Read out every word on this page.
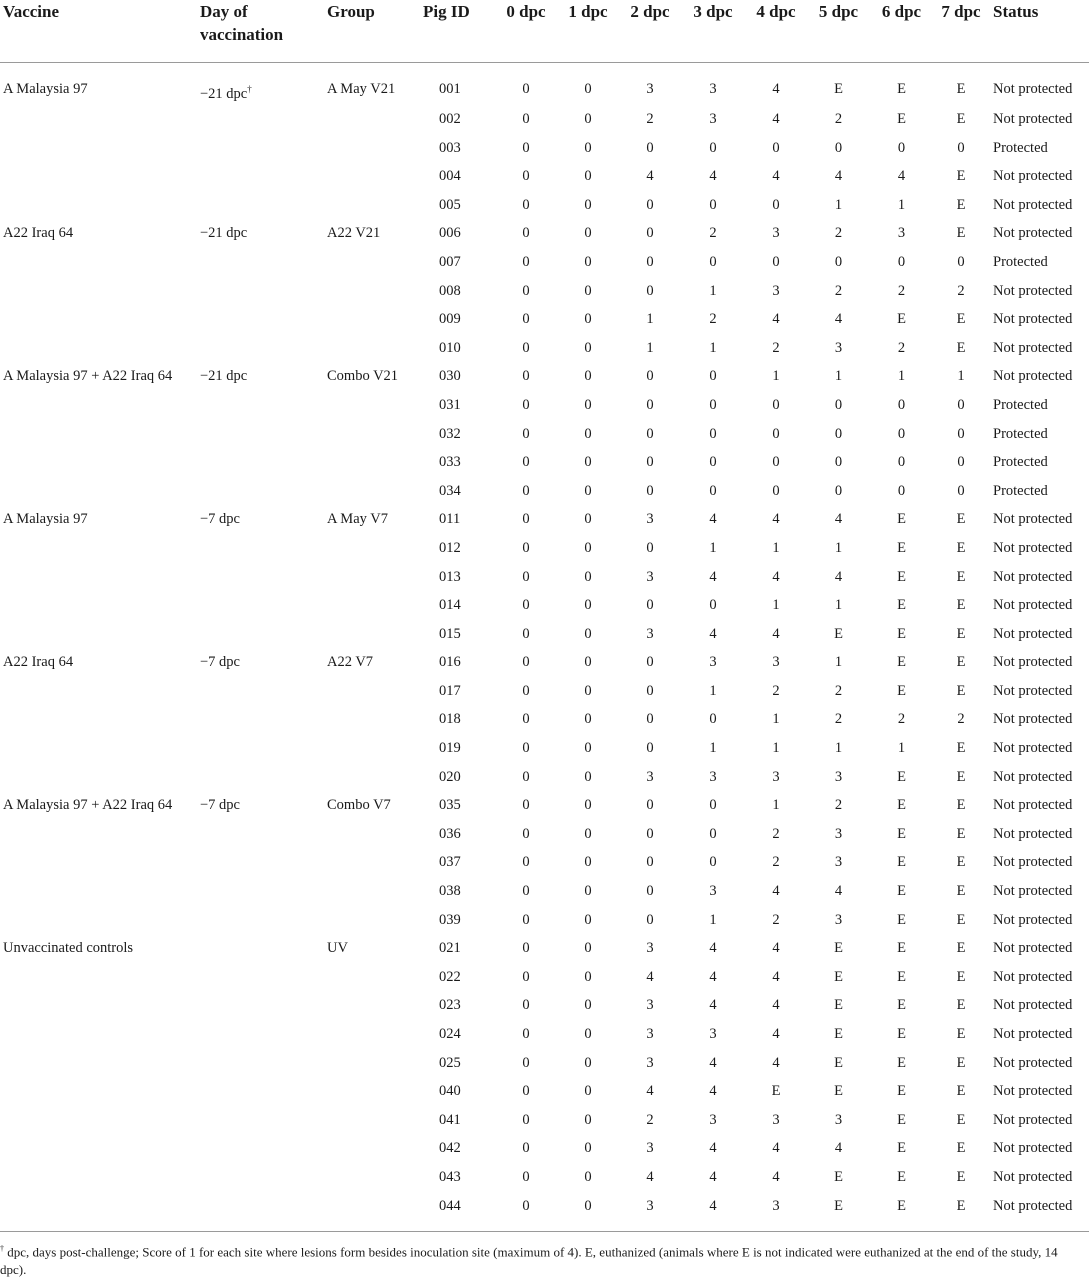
Vaccine	Day of vaccination	Group	Pig ID	0 dpc	1 dpc	2 dpc	3 dpc	4 dpc	5 dpc	6 dpc	7 dpc	Status
A Malaysia 97	−21 dpc†	A May V21	001	0	0	3	3	4	E	E	E	Not protected
			002	0	0	2	3	4	2	E	E	Not protected
			003	0	0	0	0	0	0	0	0	Protected
			004	0	0	4	4	4	4	4	E	Not protected
			005	0	0	0	0	0	1	1	E	Not protected
A22 Iraq 64	−21 dpc	A22 V21	006	0	0	0	2	3	2	3	E	Not protected
			007	0	0	0	0	0	0	0	0	Protected
			008	0	0	0	1	3	2	2	2	Not protected
			009	0	0	1	2	4	4	E	E	Not protected
			010	0	0	1	1	2	3	2	E	Not protected
A Malaysia 97 + A22 Iraq 64	−21 dpc	Combo V21	030	0	0	0	0	1	1	1	1	Not protected
			031	0	0	0	0	0	0	0	0	Protected
			032	0	0	0	0	0	0	0	0	Protected
			033	0	0	0	0	0	0	0	0	Protected
			034	0	0	0	0	0	0	0	0	Protected
A Malaysia 97	−7 dpc	A May V7	011	0	0	3	4	4	4	E	E	Not protected
			012	0	0	0	1	1	1	E	E	Not protected
			013	0	0	3	4	4	4	E	E	Not protected
			014	0	0	0	0	1	1	E	E	Not protected
			015	0	0	3	4	4	E	E	E	Not protected
A22 Iraq 64	−7 dpc	A22 V7	016	0	0	0	3	3	1	E	E	Not protected
			017	0	0	0	1	2	2	E	E	Not protected
			018	0	0	0	0	1	2	2	2	Not protected
			019	0	0	0	1	1	1	1	E	Not protected
			020	0	0	3	3	3	3	E	E	Not protected
A Malaysia 97 + A22 Iraq 64	−7 dpc	Combo V7	035	0	0	0	0	1	2	E	E	Not protected
			036	0	0	0	0	2	3	E	E	Not protected
			037	0	0	0	0	2	3	E	E	Not protected
			038	0	0	0	3	4	4	E	E	Not protected
			039	0	0	0	1	2	3	E	E	Not protected
Unvaccinated controls		UV	021	0	0	3	4	4	E	E	E	Not protected
			022	0	0	4	4	4	E	E	E	Not protected
			023	0	0	3	4	4	E	E	E	Not protected
			024	0	0	3	3	4	E	E	E	Not protected
			025	0	0	3	4	4	E	E	E	Not protected
			040	0	0	4	4	E	E	E	E	Not protected
			041	0	0	2	3	3	3	E	E	Not protected
			042	0	0	3	4	4	4	E	E	Not protected
			043	0	0	4	4	4	E	E	E	Not protected
			044	0	0	3	4	3	E	E	E	Not protected
† dpc, days post-challenge; Score of 1 for each site where lesions form besides inoculation site (maximum of 4). E, euthanized (animals where E is not indicated were euthanized at the end of the study, 14 dpc).
